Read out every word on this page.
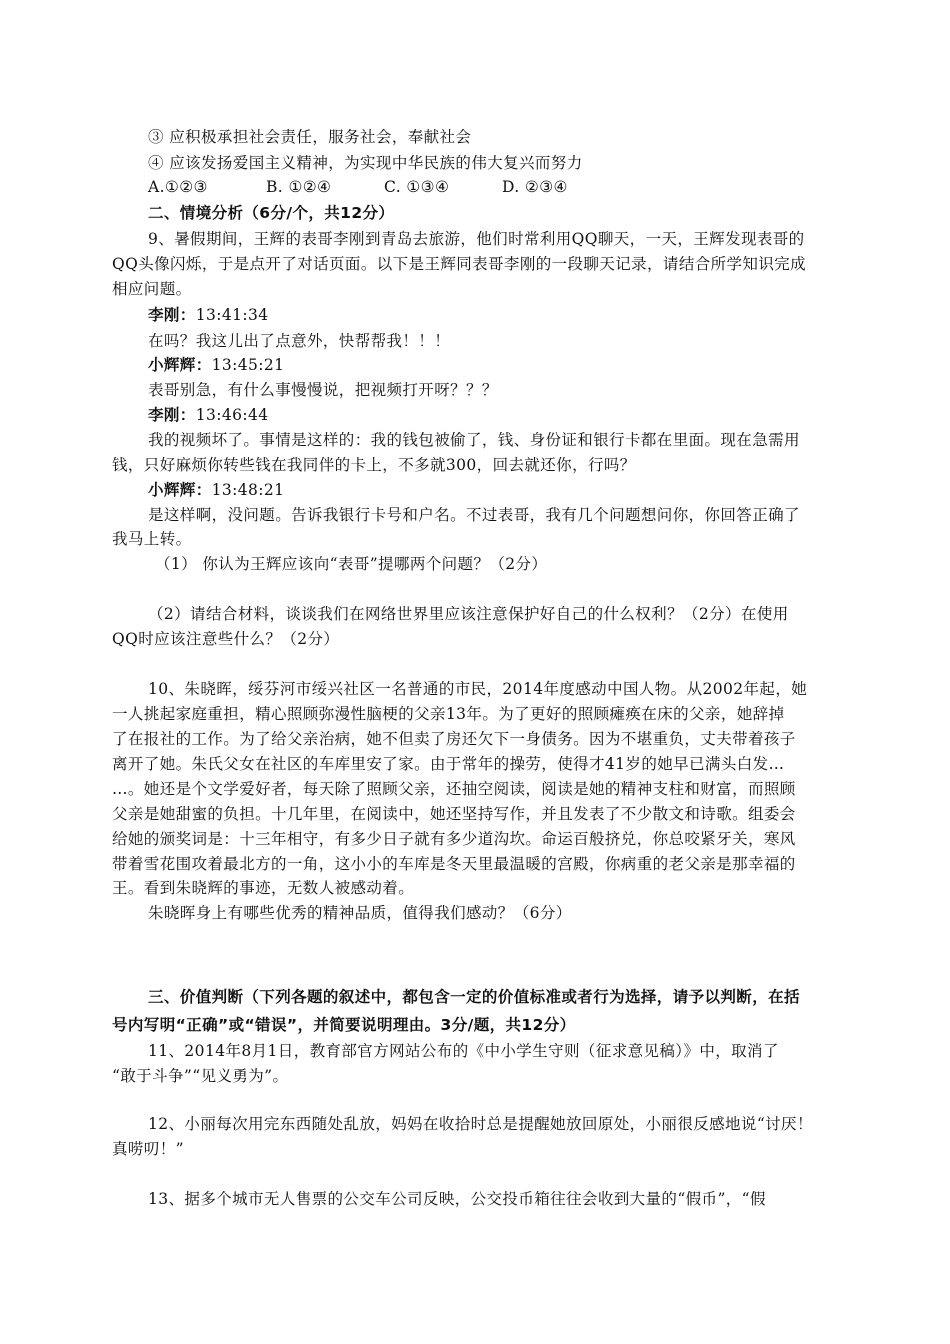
③ 应积极承担社会责任，服务社会，奉献社会
④ 应该发扬爱国主义精神，为实现中华民族的伟大复兴而努力
A.①②③	B. ①②④	C. ①③④	D. ②③④
二、情境分析（6分/个，共12分）
9、暑假期间，王辉的表哥李刚到青岛去旅游，他们时常利用QQ聊天，一天，王辉发现表哥的
QQ头像闪烁，于是点开了对话页面。以下是王辉同表哥李刚的一段聊天记录，请结合所学知识完成
相应问题。
李刚：13:41:34
在吗？我这儿出了点意外，快帮帮我！！！
小辉辉：13:45:21
表哥别急，有什么事慢慢说，把视频打开呀？？？
李刚：13:46:44
我的视频坏了。事情是这样的：我的钱包被偷了，钱、身份证和银行卡都在里面。现在急需用
钱，只好麻烦你转些钱在我同伴的卡上，不多就300，回去就还你，行吗？
小辉辉：13:48:21
是这样啊，没问题。告诉我银行卡号和户名。不过表哥，我有几个问题想问你，你回答正确了
我马上转。
（1） 你认为王辉应该向“表哥”提哪两个问题？（2分）
（2）请结合材料，谈谈我们在网络世界里应该注意保护好自己的什么权利？（2分）在使用
QQ时应该注意些什么？（2分）
10、朱晓晖，绥芬河市绥兴社区一名普通的市民，2014年度感动中国人物。从2002年起，她
一人挑起家庭重担，精心照顾弥漫性脑梗的父亲13年。为了更好的照顾瘫痪在床的父亲，她辞掉
了在报社的工作。为了给父亲治病，她不但卖了房还欠下一身债务。因为不堪重负，丈夫带着孩子
离开了她。朱氏父女在社区的车库里安了家。由于常年的操劳，使得才41岁的她早已满头白发…
…。她还是个文学爱好者，每天除了照顾父亲，还抽空阅读，阅读是她的精神支柱和财富，而照顾
父亲是她甜蜜的负担。十几年里，在阅读中，她还坚持写作，并且发表了不少散文和诗歌。组委会
给她的颁奖词是：十三年相守，有多少日子就有多少道沟坎。命运百般挤兑，你总咬紧牙关，寒风
带着雪花围攻着最北方的一角，这小小的车库是冬天里最温暖的宫殿，你病重的老父亲是那幸福的
王。看到朱晓辉的事迹，无数人被感动着。
朱晓晖身上有哪些优秀的精神品质，值得我们感动？（6分）
三、价值判断（下列各题的叙述中，都包含一定的价值标准或者行为选择，请予以判断，在括
号内写明“正确”或“错误”，并简要说明理由。3分/题，共12分）
11、2014年8月1日，教育部官方网站公布的《中小学生守则（征求意见稿）》中，取消了
“敢于斗争”“见义勇为”。
12、小丽每次用完东西随处乱放，妈妈在收拾时总是提醒她放回原处，小丽很反感地说“讨厌！
真唠叨！”
13、据多个城市无人售票的公交车公司反映，公交投币箱往往会收到大量的“假币”，“假
